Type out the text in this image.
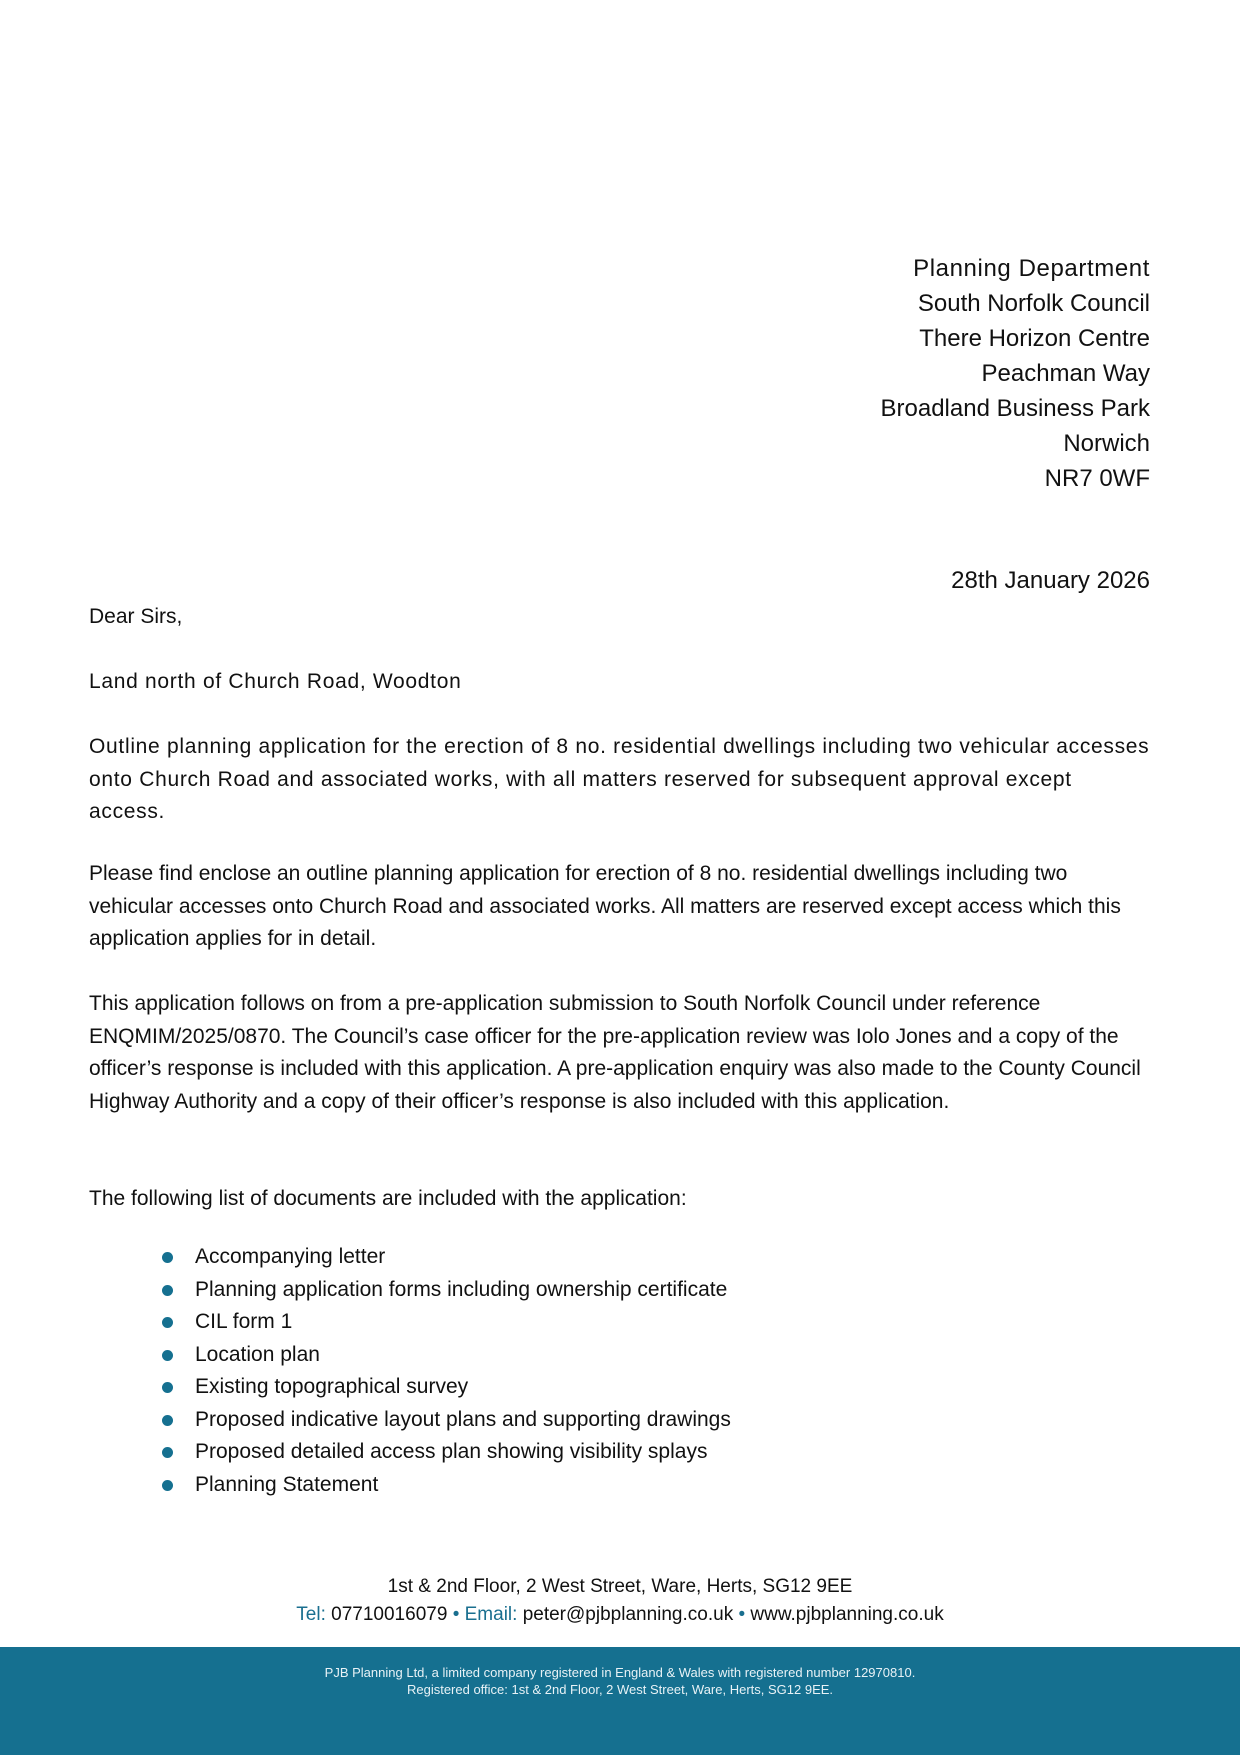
Planning Department
South Norfolk Council
There Horizon Centre
Peachman Way
Broadland Business Park
Norwich
NR7 0WF
28th January 2026

Dear Sirs,

Land north of Church Road, Woodton

Outline planning application for the erection of 8 no. residential dwellings including two vehicular accesses onto Church Road and associated works, with all matters reserved for subsequent approval except access.

Please find enclose an outline planning application for erection of 8 no. residential dwellings including two vehicular accesses onto Church Road and associated works. All matters are reserved except access which this application applies for in detail.

This application follows on from a pre-application submission to South Norfolk Council under reference ENQMIM/2025/0870. The Council’s case officer for the pre-application review was Iolo Jones and a copy of the officer’s response is included with this application. A pre-application enquiry was also made to the County Council Highway Authority and a copy of their officer’s response is also included with this application.

The following list of documents are included with the application:

Accompanying letter
Planning application forms including ownership certificate
CIL form 1
Location plan
Existing topographical survey
Proposed indicative layout plans and supporting drawings
Proposed detailed access plan showing visibility splays
Planning Statement
1st & 2nd Floor, 2 West Street, Ware, Herts, SG12 9EE
Tel: 07710016079 • Email: peter@pjbplanning.co.uk • www.pjbplanning.co.uk
PJB Planning Ltd, a limited company registered in England & Wales with registered number 12970810.
Registered office: 1st & 2nd Floor, 2 West Street, Ware, Herts, SG12 9EE.
